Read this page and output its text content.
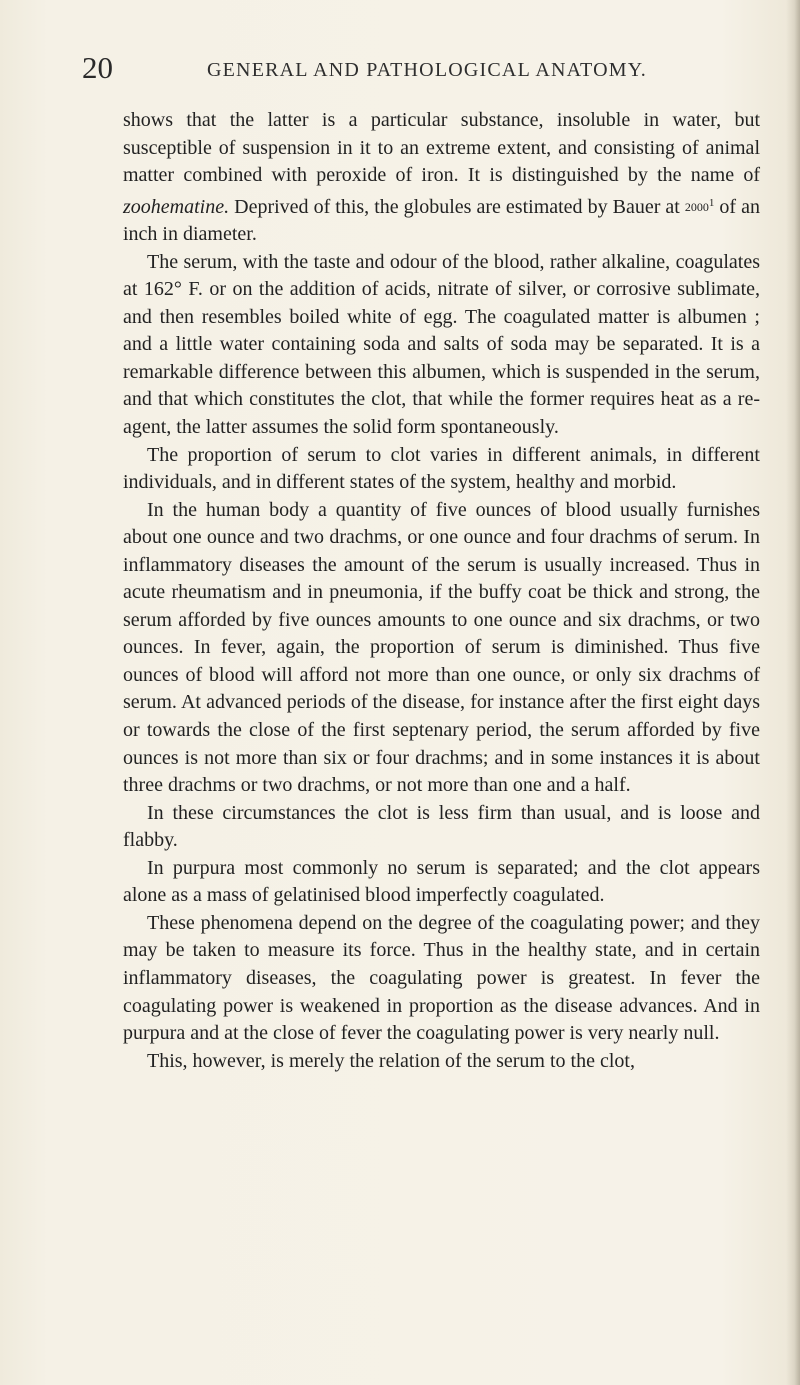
20	GENERAL AND PATHOLOGICAL ANATOMY.

shows that the latter is a particular substance, insoluble in water, but susceptible of suspension in it to an extreme extent, and consisting of animal matter combined with peroxide of iron. It is distinguished by the name of zoohematine. Deprived of this, the globules are estimated by Bauer at 2000$^1$ of an inch in diameter.

The serum, with the taste and odour of the blood, rather alkaline, coagulates at 162° F. or on the addition of acids, nitrate of silver, or corrosive sublimate, and then resembles boiled white of egg. The coagulated matter is albumen ; and a little water containing soda and salts of soda may be separated. It is a remarkable difference between this albumen, which is suspended in the serum, and that which constitutes the clot, that while the former requires heat as a re-agent, the latter assumes the solid form spontaneously.

The proportion of serum to clot varies in different animals, in different individuals, and in different states of the system, healthy and morbid.

In the human body a quantity of five ounces of blood usually furnishes about one ounce and two drachms, or one ounce and four drachms of serum. In inflammatory diseases the amount of the serum is usually increased. Thus in acute rheumatism and in pneumonia, if the buffy coat be thick and strong, the serum afforded by five ounces amounts to one ounce and six drachms, or two ounces. In fever, again, the proportion of serum is diminished. Thus five ounces of blood will afford not more than one ounce, or only six drachms of serum. At advanced periods of the disease, for instance after the first eight days or towards the close of the first septenary period, the serum afforded by five ounces is not more than six or four drachms; and in some instances it is about three drachms or two drachms, or not more than one and a half.

In these circumstances the clot is less firm than usual, and is loose and flabby.

In purpura most commonly no serum is separated; and the clot appears alone as a mass of gelatinised blood imperfectly coagulated.

These phenomena depend on the degree of the coagulating power; and they may be taken to measure its force. Thus in the healthy state, and in certain inflammatory diseases, the coagulating power is greatest. In fever the coagulating power is weakened in proportion as the disease advances. And in purpura and at the close of fever the coagulating power is very nearly null.

This, however, is merely the relation of the serum to the clot,
